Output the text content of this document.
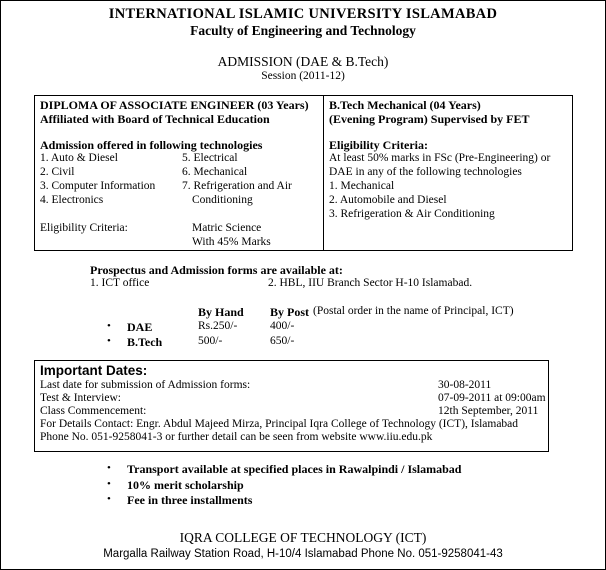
INTERNATIONAL ISLAMIC UNIVERSITY ISLAMABAD
Faculty of Engineering and Technology
ADMISSION (DAE & B.Tech)
Session (2011-12)
DIPLOMA OF ASSOCIATE ENGINEER (03 Years)
Affiliated with Board of Technical Education
Admission offered in following technologies
1. Auto & Diesel
2. Civil
3. Computer Information
4. Electronics
5. Electrical
6. Mechanical
7. Refrigeration and Air
Conditioning
Eligibility Criteria:	Matric Science
With 45% Marks
B.Tech Mechanical (04 Years)
(Evening Program) Supervised by FET
Eligibility Criteria:
At least 50% marks in FSc (Pre-Engineering) or
DAE in any of the following technologies
1. Mechanical
2. Automobile and Diesel
3. Refrigeration & Air Conditioning
Prospectus and Admission forms are available at:
1. ICT office	2. HBL, IIU Branch Sector H-10 Islamabad.
By Hand By Post (Postal order in the name of Principal, ICT)
• DAE	Rs.250/-	400/-
• B.Tech	500/-	650/-
Important Dates:
Last date for submission of Admission forms:	30-08-2011
Test & Interview:	07-09-2011 at 09:00am
Class Commencement:	12th September, 2011
For Details Contact: Engr. Abdul Majeed Mirza, Principal Iqra College of Technology (ICT), Islamabad
Phone No. 051-9258041-3 or further detail can be seen from website www.iiu.edu.pk
• Transport available at specified places in Rawalpindi / Islamabad
• 10% merit scholarship
• Fee in three installments
IQRA COLLEGE OF TECHNOLOGY (ICT)
Margalla Railway Station Road, H-10/4 Islamabad Phone No. 051-9258041-43
